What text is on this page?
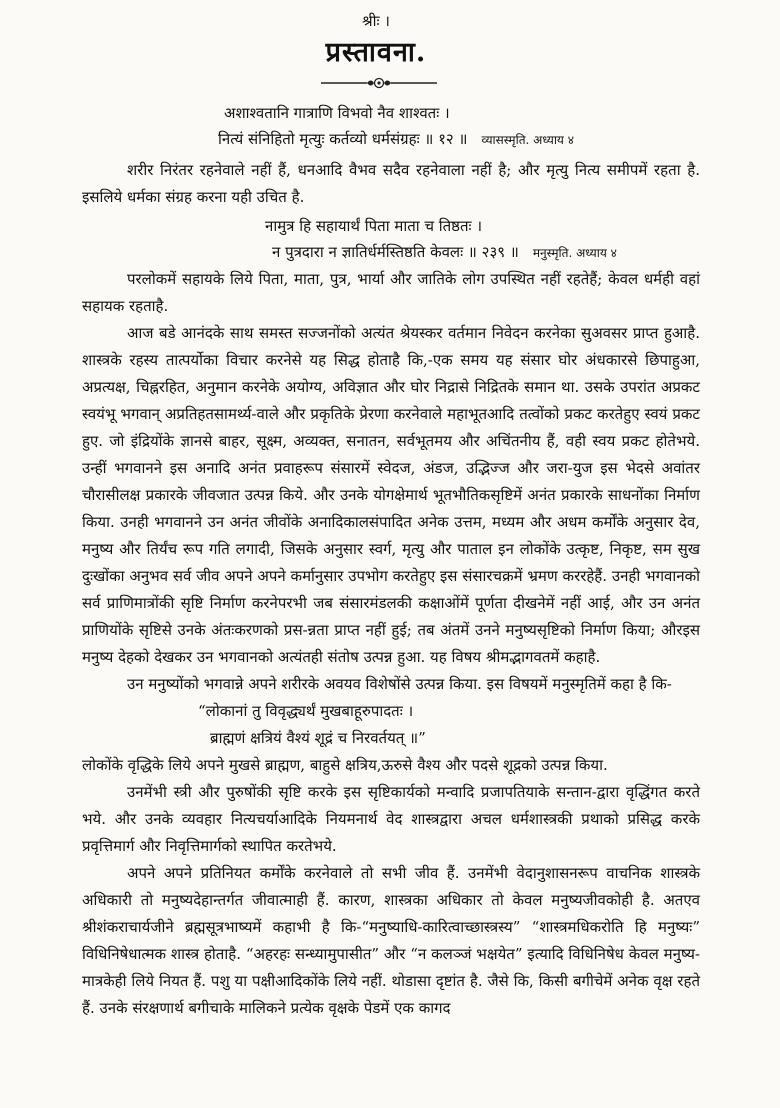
श्रीः ।
प्रस्तावना.
अशाश्वतानि गात्राणि विभवो नैव शाश्वतः ।
नित्यं संनिहितो मृत्युः कर्तव्यो धर्मसंग्रहः ॥ १२ ॥ व्यासस्मृति. अध्याय ४

शरीर निरंतर रहनेवाले नहीं हैं, धनआदि वैभव सदैव रहनेवाला नहीं है; और मृत्यु नित्य समीपमें रहता है. इसलिये धर्मका संग्रह करना यही उचित है.

नामुत्र हि सहायार्थं पिता माता च तिष्ठतः ।
न पुत्रदारा न ज्ञातिर्धर्मस्तिष्ठति केवलः ॥ २३९ ॥ मनुस्मृति. अध्याय ४

परलोकमें सहायके लिये पिता, माता, पुत्र, भार्या और जातिके लोग उपस्थित नहीं रहतेहैं; केवल धर्मही वहां सहायक रहताहै.

आज बडे आनंदके साथ समस्त सज्जनोंको अत्यंत श्रेयस्कर वर्तमान निवेदन करनेका सुअवसर प्राप्त हुआहै. शास्त्रके रहस्य तात्पर्योका विचार करनेसे यह सिद्ध होताहै कि,-एक समय यह संसार घोर अंधकारसे छिपाहुआ, अप्रत्यक्ष, चिह्नरहित, अनुमान करनेके अयोग्य, अविज्ञात और घोर निद्रासे निद्रितके समान था. उसके उपरांत अप्रकट स्वयंभू भगवान् अप्रतिहतसामर्थ्य-वाले और प्रकृतिके प्रेरणा करनेवाले महाभूतआदि तत्वोंको प्रकट करतेहुए स्वयं प्रकट हुए. जो इंद्रियोंके ज्ञानसे बाहर, सूक्ष्म, अव्यक्त, सनातन, सर्वभूतमय और अचिंतनीय हैं, वही स्वय प्रकट होतेभये. उन्हीं भगवानने इस अनादि अनंत प्रवाहरूप संसारमें स्वेदज, अंडज, उद्भिज्ज और जरा-युज इस भेदसे अवांतर चौरासीलक्ष प्रकारके जीवजात उत्पन्न किये. और उनके योगक्षेमार्थ भूतभौतिकसृष्टिमें अनंत प्रकारके साधनोंका निर्माण किया. उनही भगवानने उन अनंत जीवोंके अनादिकालसंपादित अनेक उत्तम, मध्यम और अधम कर्मोंके अनुसार देव, मनुष्य और तिर्यंच रूप गति लगादी, जिसके अनुसार स्वर्ग, मृत्यु और पाताल इन लोकोंके उत्कृष्ट, निकृष्ट, सम सुख दुःखोंका अनुभव सर्व जीव अपने अपने कर्मानुसार उपभोग करतेहुए इस संसारचक्रमें भ्रमण कररहेहैं. उनही भगवानको सर्व प्राणिमात्रोंकी सृष्टि निर्माण करनेपरभी जब संसारमंडलकी कक्षाओंमें पूर्णता दीखनेमें नहीं आई, और उन अनंत प्राणियोंके सृष्टिसे उनके अंतःकरणको प्रस-न्नता प्राप्त नहीं हुई; तब अंतमें उनने मनुष्यसृष्टिको निर्माण किया; औरइस मनुष्य देहको देखकर उन भगवानको अत्यंतही संतोष उत्पन्न हुआ. यह विषय श्रीमद्भागवतमें कहाहै.

उन मनुष्योंको भगवान्ने अपने शरीरके अवयव विशेषोंसे उत्पन्न किया. इस विषयमें मनुस्मृतिमें कहा है कि-

“लोकानां तु विवृद्ध्यर्थं मुखबाहूरुपादतः ।
ब्राह्मणं क्षत्रियं वैश्यं शूद्रं च निरवर्तयत् ॥”

लोकोंके वृद्धिके लिये अपने मुखसे ब्राह्मण, बाहुसे क्षत्रिय,ऊरुसे वैश्य और पदसे शूद्रको उत्पन्न किया.

उनमेंभी स्त्री और पुरुषोंकी सृष्टि करके इस सृष्टिकार्यको मन्वादि प्रजापतियाके सन्तान-द्वारा वृद्धिंगत करते भये. और उनके व्यवहार नित्यचर्याआदिके नियमनार्थ वेद शास्त्रद्वारा अचल धर्मशास्त्रकी प्रथाको प्रसिद्ध करके प्रवृत्तिमार्ग और निवृत्तिमार्गको स्थापित करतेभये.

अपने अपने प्रतिनियत कर्मोंके करनेवाले तो सभी जीव हैं. उनमेंभी वेदानुशासनरूप वाचनिक शास्त्रके अधिकारी तो मनुष्यदेहान्तर्गत जीवात्माही हैं. कारण, शास्त्रका अधिकार तो केवल मनुष्यजीवकोही है. अतएव श्रीशंकराचार्यजीने ब्रह्मसूत्रभाष्यमें कहाभी है कि-“मनुष्याधि-कारित्वाच्छास्त्रस्य” “शास्त्रमधिकरोति हि मनुष्यः” विधिनिषेधात्मक शास्त्र होताहै. “अहरहः सन्ध्यामुपासीत” और “न कलञ्जं भक्षयेत” इत्यादि विधिनिषेध केवल मनुष्य-मात्रकेही लिये नियत हैं. पशु या पक्षीआदिकोंके लिये नहीं. थोडासा दृष्टांत है. जैसे कि, किसी बगीचेमें अनेक वृक्ष रहते हैं. उनके संरक्षणार्थ बगीचाके मालिकने प्रत्येक वृक्षके पेडमें एक कागद
